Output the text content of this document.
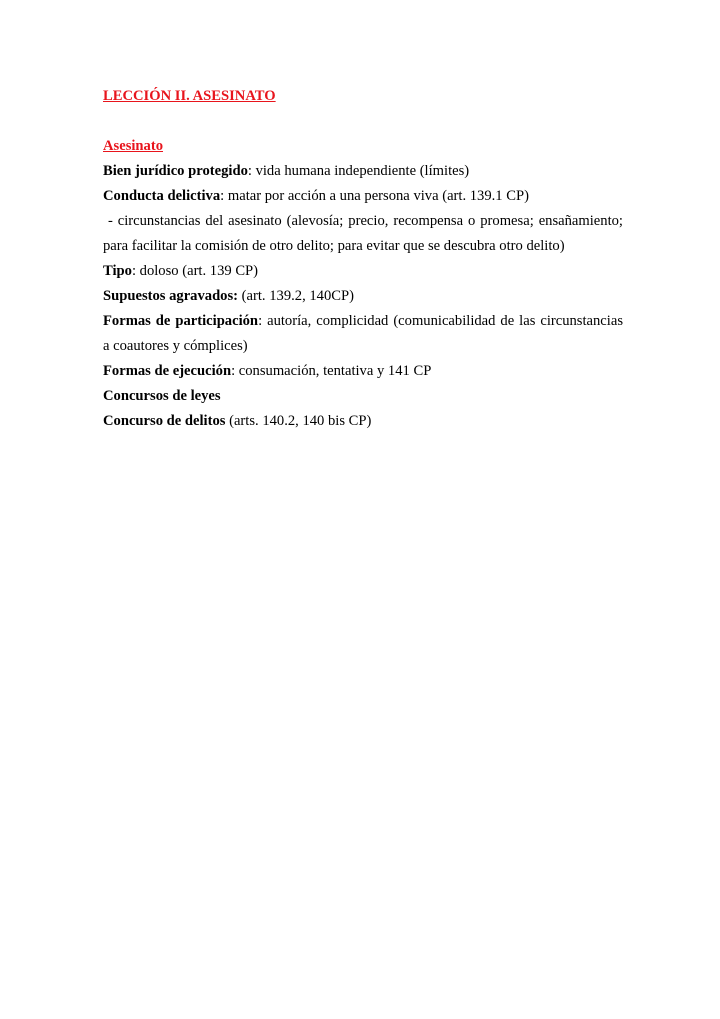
LECCIÓN II. ASESINATO
Asesinato
Bien jurídico protegido: vida humana independiente (límites)
Conducta delictiva: matar por acción a una persona viva (art. 139.1 CP)
- circunstancias del asesinato (alevosía; precio, recompensa o promesa; ensañamiento;
para facilitar la comisión de otro delito; para evitar que se descubra otro delito)
Tipo: doloso (art. 139 CP)
Supuestos agravados: (art. 139.2, 140CP)
Formas de participación: autoría, complicidad (comunicabilidad de las circunstancias
a coautores y cómplices)
Formas de ejecución: consumación, tentativa y 141 CP
Concursos de leyes
Concurso de delitos (arts. 140.2, 140 bis CP)
